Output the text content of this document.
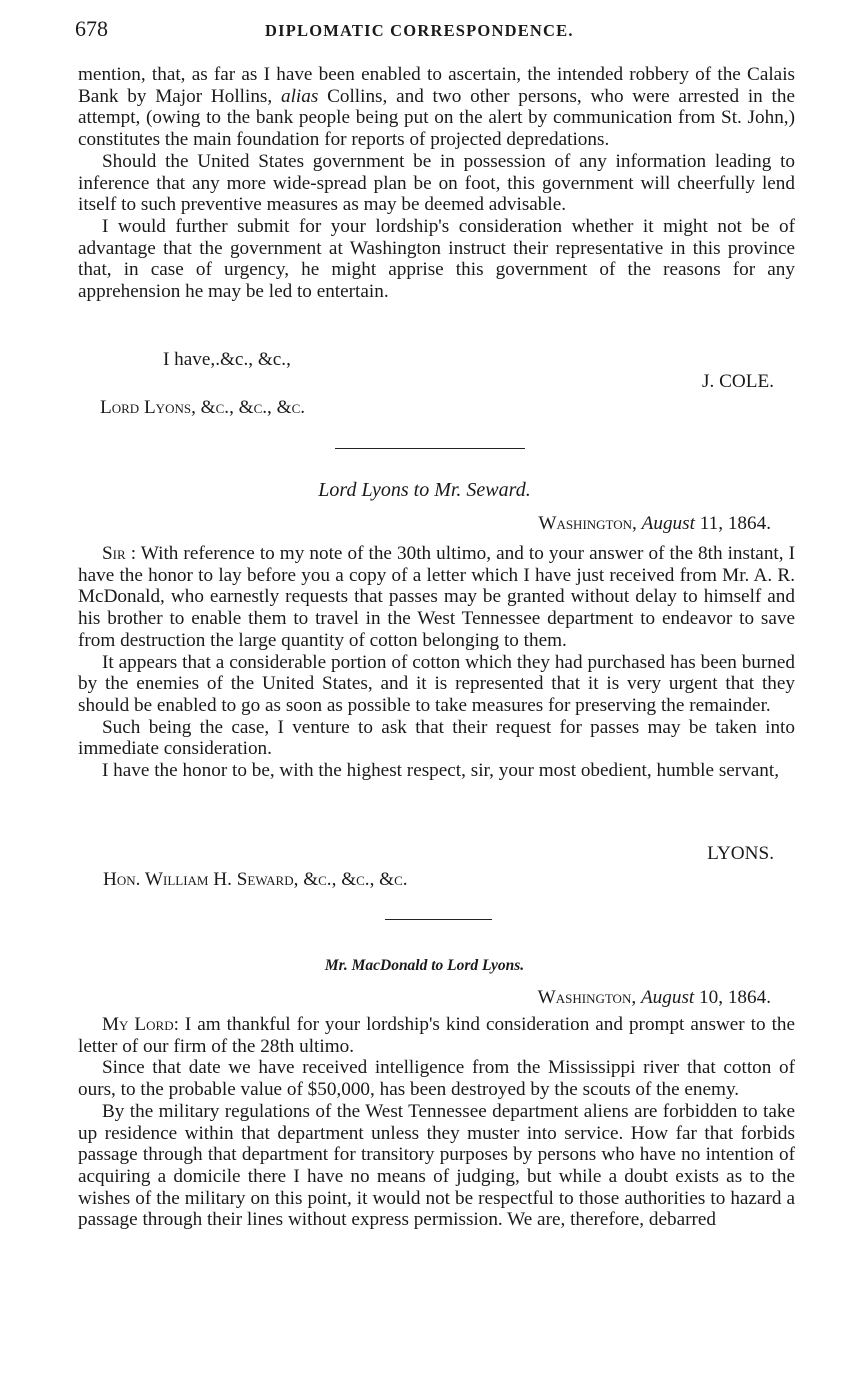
678	DIPLOMATIC CORRESPONDENCE.

mention, that, as far as I have been enabled to ascertain, the intended robbery of the Calais Bank by Major Hollins, alias Collins, and two other persons, who were arrested in the attempt, (owing to the bank people being put on the alert by communication from St. John,) constitutes the main foundation for reports of projected depredations.

Should the United States government be in possession of any information leading to inference that any more wide-spread plan be on foot, this government will cheerfully lend itself to such preventive measures as may be deemed advisable.

I would further submit for your lordship's consideration whether it might not be of advantage that the government at Washington instruct their representative in this province that, in case of urgency, he might apprise this government of the reasons for any apprehension he may be led to entertain.

I have,.&c., &c.,
J. COLE.
Lord Lyons, &c., &c., &c.
Lord Lyons to Mr. Seward.
Washington, August 11, 1864.

Sir : With reference to my note of the 30th ultimo, and to your answer of the 8th instant, I have the honor to lay before you a copy of a letter which I have just received from Mr. A. R. McDonald, who earnestly requests that passes may be granted without delay to himself and his brother to enable them to travel in the West Tennessee department to endeavor to save from destruction the large quantity of cotton belonging to them.

It appears that a considerable portion of cotton which they had purchased has been burned by the enemies of the United States, and it is represented that it is very urgent that they should be enabled to go as soon as possible to take measures for preserving the remainder.

Such being the case, I venture to ask that their request for passes may be taken into immediate consideration.

I have the honor to be, with the highest respect, sir, your most obedient, humble servant,

LYONS.
Hon. William H. Seward, &c., &c., &c.
Mr. MacDonald to Lord Lyons.
Washington, August 10, 1864.

My Lord: I am thankful for your lordship's kind consideration and prompt answer to the letter of our firm of the 28th ultimo.

Since that date we have received intelligence from the Mississippi river that cotton of ours, to the probable value of $50,000, has been destroyed by the scouts of the enemy.

By the military regulations of the West Tennessee department aliens are forbidden to take up residence within that department unless they muster into service. How far that forbids passage through that department for transitory purposes by persons who have no intention of acquiring a domicile there I have no means of judging, but while a doubt exists as to the wishes of the military on this point, it would not be respectful to those authorities to hazard a passage through their lines without express permission. We are, therefore, debarred
